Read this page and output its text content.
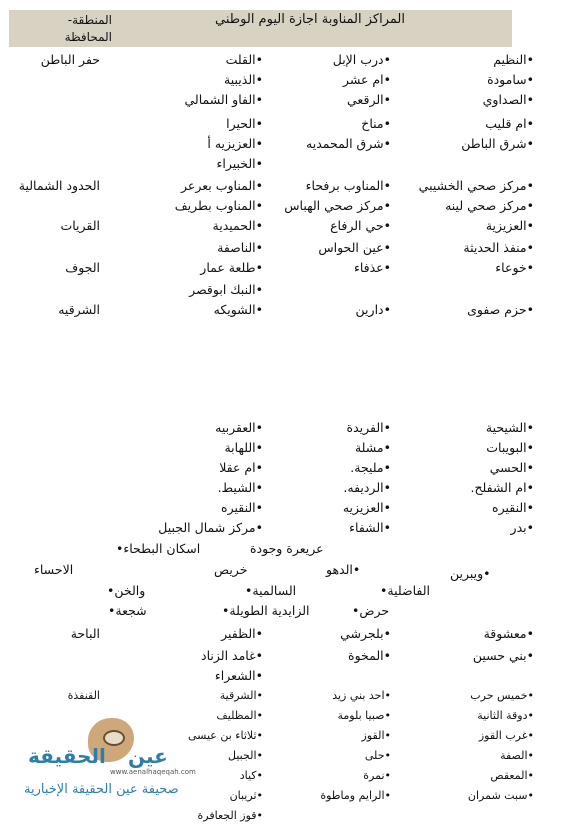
المراكز المناوبة اجازة اليوم الوطني
المنطقة- المحافظة
•النظيم
•درب الإبل
•القلت
حفر الباطن
•سامودة
•ام عشر
•الذيبية
•الصداوي
•الرقعي
•الفاو الشمالي
•ام قليب
•مناخ
•الحيرا
•شرق الباطن
•شرق المحمديه
•العزيزيه أ
•الخبيراء
•مركز صحي الخشيبي
•المناوب برفحاء
•المناوب بعرعر
الحدود الشمالية
•مركز صحي لينه
•مركز صحي الهباس
•المناوب بطريف
•العزيزية
•حي الرفاع
•الحميدية
القريات
•منفذ الحديثة
•عين الحواس
•الناصفة
•خوعاء
•عذفاء
•طلعة عمار
الجوف
•النبك ابوقصر
•حزم صفوى
•دارين
•الشويكه
الشرقيه
•الشيحية
•الفريدة
•العقربيه
•البويبات
•مشلة
•اللهابة
•الحسي
•مليجة.
•ام عقلا
•ام الشفلح.
•الرديفه.
•الشيط.
•النقيره
•العزيزيه
•النقيره
•بدر
•الشفاء
•مركز شمال الجبيل
•معشوقة
•بلجرشي
•الظفير
الباحة
•بني حسين
•المخوة
•غامد الزناد
•الشعراء
•خميس حرب
•احد بني زيد
•الشرقية
القنفذة
•دوقة الثانية
•صبيا بلومة
•المظليف
•غرب القوز
•القوز
•ثلاثاء بن عيسى
•الصفة
•حلى
•الجبيل
•المعقص
•نمرة
•كياد
•سبت شمران
•الرايم وماطوة
•ثريبان
•قوز الجعافرة
عريعرة وجودة
اسكان البطحاء•
•ويبرين
•الدهو
خريص
الاحساء
الفاضلية•
السالمية•
والخن•
حرض•
الزايدية الطويلة•
شجعة•
عين
الحقيقة
www.aenalhaqeqah.com
صحيفة عين الحقيقة الإخبارية
